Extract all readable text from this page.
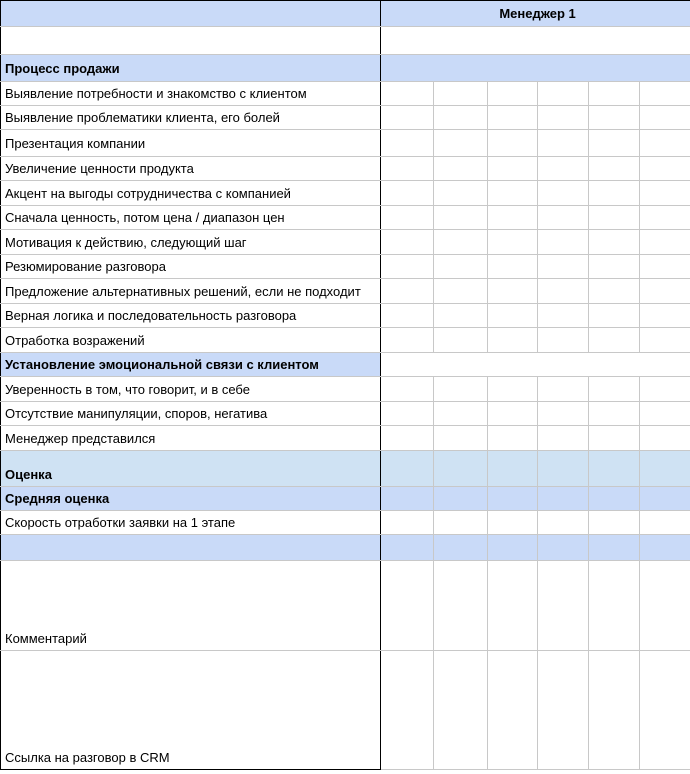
	Менеджер 1					

Процесс продажи						
Выявление потребности и знакомство с клиентом						
Выявление проблематики клиента, его болей						
Презентация компании						
Увеличение ценности продукта						
Акцент на выгоды сотрудничества с компанией						
Сначала ценность, потом цена / диапазон цен						
Мотивация к действию, следующий шаг						
Резюмирование разговора						
Предложение альтернативных решений, если не подходит						
Верная логика и последовательность разговора						
Отработка возражений						
Установление эмоциональной связи с клиентом						
Уверенность в том, что говорит, и в себе						
Отсутствие манипуляции, споров, негатива						
Менеджер представился						
Оценка						
Средняя оценка						
Скорость отработки заявки на 1 этапе						

Комментарий						
Ссылка на разговор в CRM						
